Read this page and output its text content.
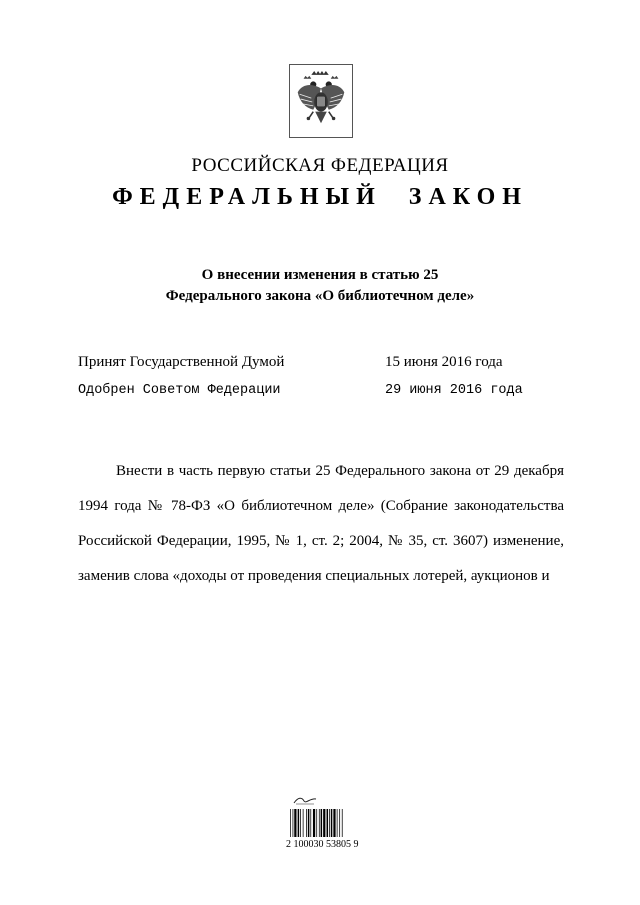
РОССИЙСКАЯ ФЕДЕРАЦИЯ
ФЕДЕРАЛЬНЫЙ ЗАКОН
О внесении изменения в статью 25
Федерального закона «О библиотечном деле»
Принят Государственной Думой	15 июня 2016 года
Одобрен Советом Федерации	29 июня 2016 года

Внести в часть первую статьи 25 Федерального закона от 29 декабря 1994 года № 78-ФЗ «О библиотечном деле» (Собрание законодательства Российской Федерации, 1995, № 1, ст. 2; 2004, № 35, ст. 3607) изменение, заменив слова «доходы от проведения специальных лотерей, аукционов и

2 100030 53805 9
